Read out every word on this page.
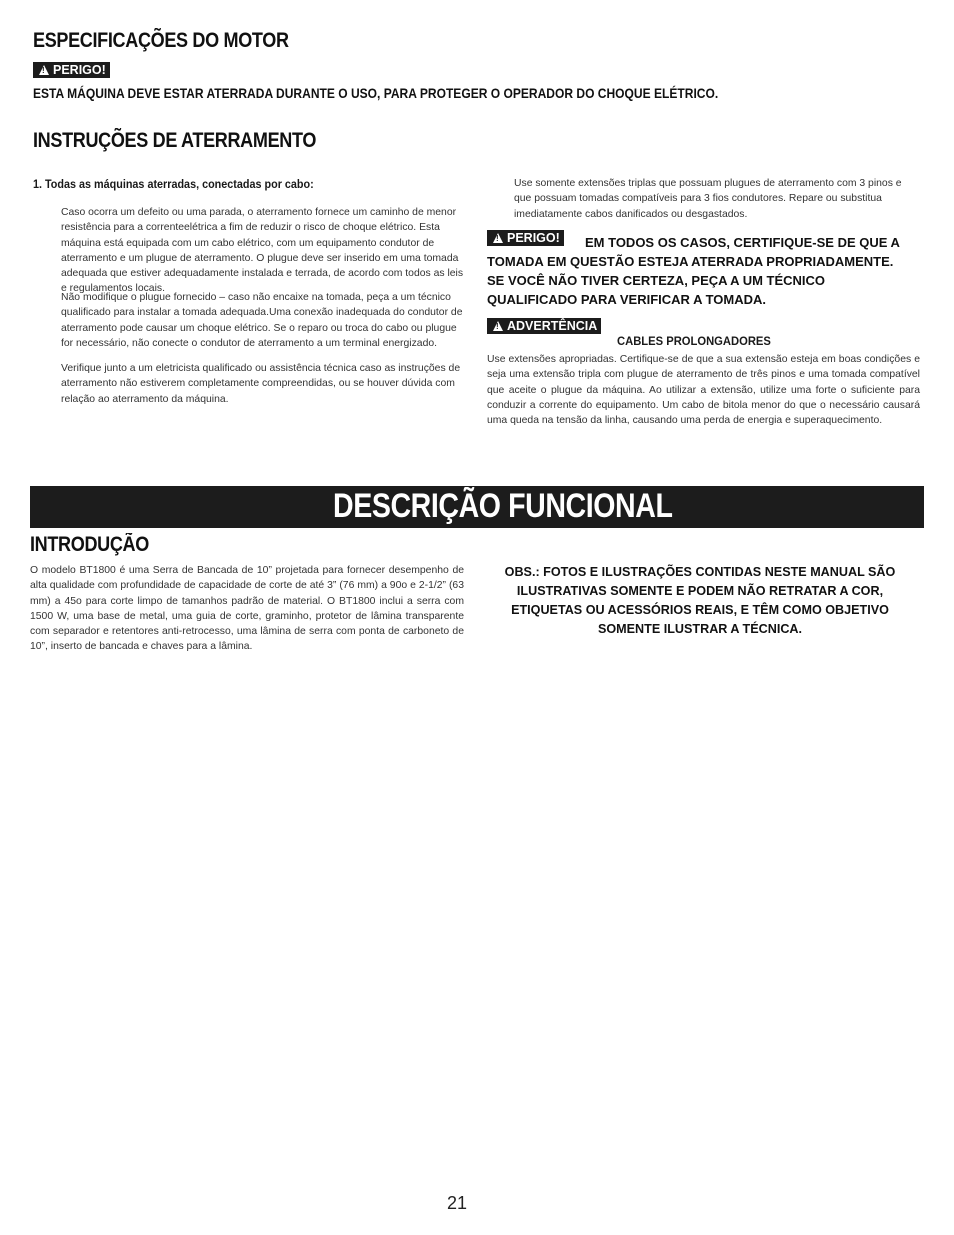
ESPECIFICAÇÕES DO MOTOR
!
PERIGO!
ESTA MÁQUINA DEVE ESTAR ATERRADA DURANTE O USO, PARA PROTEGER O OPERADOR DO CHOQUE ELÉTRICO.
INSTRUÇÕES DE ATERRAMENTO
1. Todas as máquinas aterradas, conectadas por cabo:
Caso ocorra um defeito ou uma parada, o aterramento fornece um caminho de menor resistência para a correnteelétrica a fim de reduzir o risco de choque elétrico. Esta máquina está equipada com um cabo elétrico, com um equipamento condutor de aterramento e um plugue de aterramento. O plugue deve ser inserido em uma tomada adequada que estiver adequadamente instalada e terrada, de acordo com todos as leis e regulamentos locais.
Não modifique o plugue fornecido – caso não encaixe na tomada, peça a um técnico qualificado para instalar a tomada adequada.Uma conexão inadequada do condutor de aterramento pode causar um choque elétrico. Se o reparo ou troca do cabo ou plugue for necessário, não conecte o condutor de aterramento a um terminal energizado.
Verifique junto a um eletricista qualificado ou assistência técnica caso as instruções de aterramento não estiverem completamente compreendidas, ou se houver dúvida com relação ao aterramento da máquina.
Use somente extensões triplas que possuam plugues de aterramento com 3 pinos e que possuam tomadas compatíveis para 3 fios condutores. Repare ou substitua imediatamente cabos danificados ou desgastados.
!
PERIGO!	EM TODOS OS CASOS, CERTIFIQUE-SE DE QUE A TOMADA EM QUESTÃO ESTEJA ATERRADA PROPRIADAMENTE. SE VOCÊ NÃO TIVER CERTEZA, PEÇA A UM TÉCNICO QUALIFICADO PARA VERIFICAR A TOMADA.
!
ADVERTÊNCIA
CABLES PROLONGADORES
Use extensões apropriadas. Certifique-se de que a sua extensão esteja em boas condições e seja uma extensão tripla com plugue de aterramento de três pinos e uma tomada compatível que aceite o plugue da máquina. Ao utilizar a extensão, utilize uma forte o suficiente para conduzir a corrente do equipamento. Um cabo de bitola menor do que o necessário causará uma queda na tensão da linha, causando uma perda de energia e superaquecimento.
DESCRIÇÃO FUNCIONAL
INTRODUÇÃO
O modelo BT1800 é uma Serra de Bancada de 10” projetada para fornecer desempenho de alta qualidade com profundidade de capacidade de corte de até 3” (76 mm) a 90o e 2-1/2” (63 mm) a 45o para corte limpo de tamanhos padrão de material. O BT1800 inclui a serra com 1500 W, uma base de metal, uma guia de corte, graminho, protetor de lâmina transparente com separador e retentores anti-retrocesso, uma lâmina de serra com ponta de carboneto de 10”, inserto de bancada e chaves para a lâmina.
OBS.: FOTOS E ILUSTRAÇÕES CONTIDAS NESTE MANUAL SÃO ILUSTRATIVAS SOMENTE E PODEM NÃO RETRATAR A COR, ETIQUETAS OU ACESSÓRIOS REAIS, E TÊM COMO OBJETIVO SOMENTE ILUSTRAR A TÉCNICA.
21
